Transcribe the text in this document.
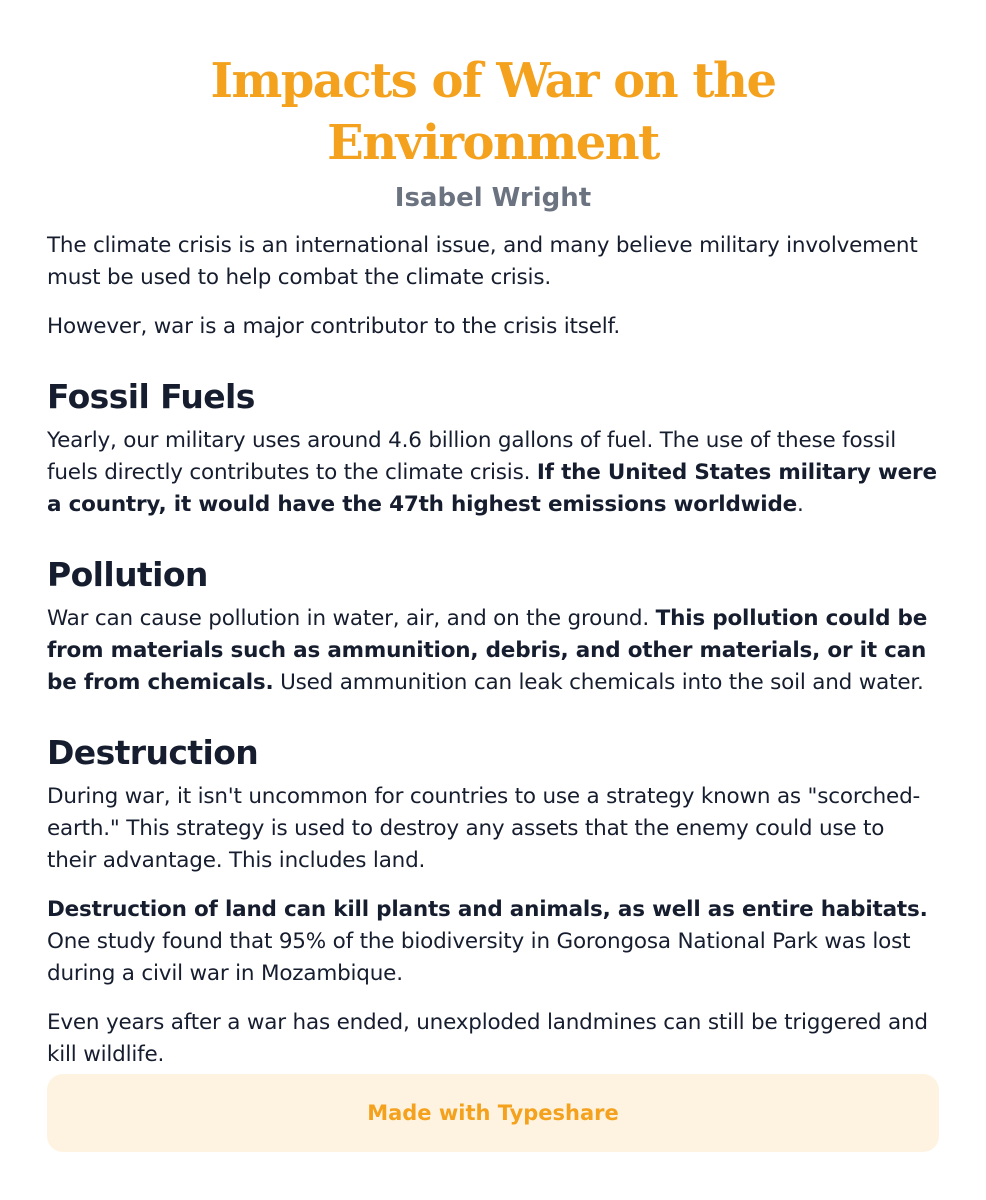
Impacts of War on the Environment
Isabel Wright

The climate crisis is an international issue, and many believe military involvement must be used to help combat the climate crisis.

However, war is a major contributor to the crisis itself.

Fossil Fuels

Yearly, our military uses around 4.6 billion gallons of fuel. The use of these fossil fuels directly contributes to the climate crisis. If the United States military were a country, it would have the 47th highest emissions worldwide.

Pollution

War can cause pollution in water, air, and on the ground. This pollution could be from materials such as ammunition, debris, and other materials, or it can be from chemicals. Used ammunition can leak chemicals into the soil and water.

Destruction

During war, it isn't uncommon for countries to use a strategy known as "scorched-earth." This strategy is used to destroy any assets that the enemy could use to their advantage. This includes land.

Destruction of land can kill plants and animals, as well as entire habitats. One study found that 95% of the biodiversity in Gorongosa National Park was lost during a civil war in Mozambique.

Even years after a war has ended, unexploded landmines can still be triggered and kill wildlife.

Made with Typeshare
